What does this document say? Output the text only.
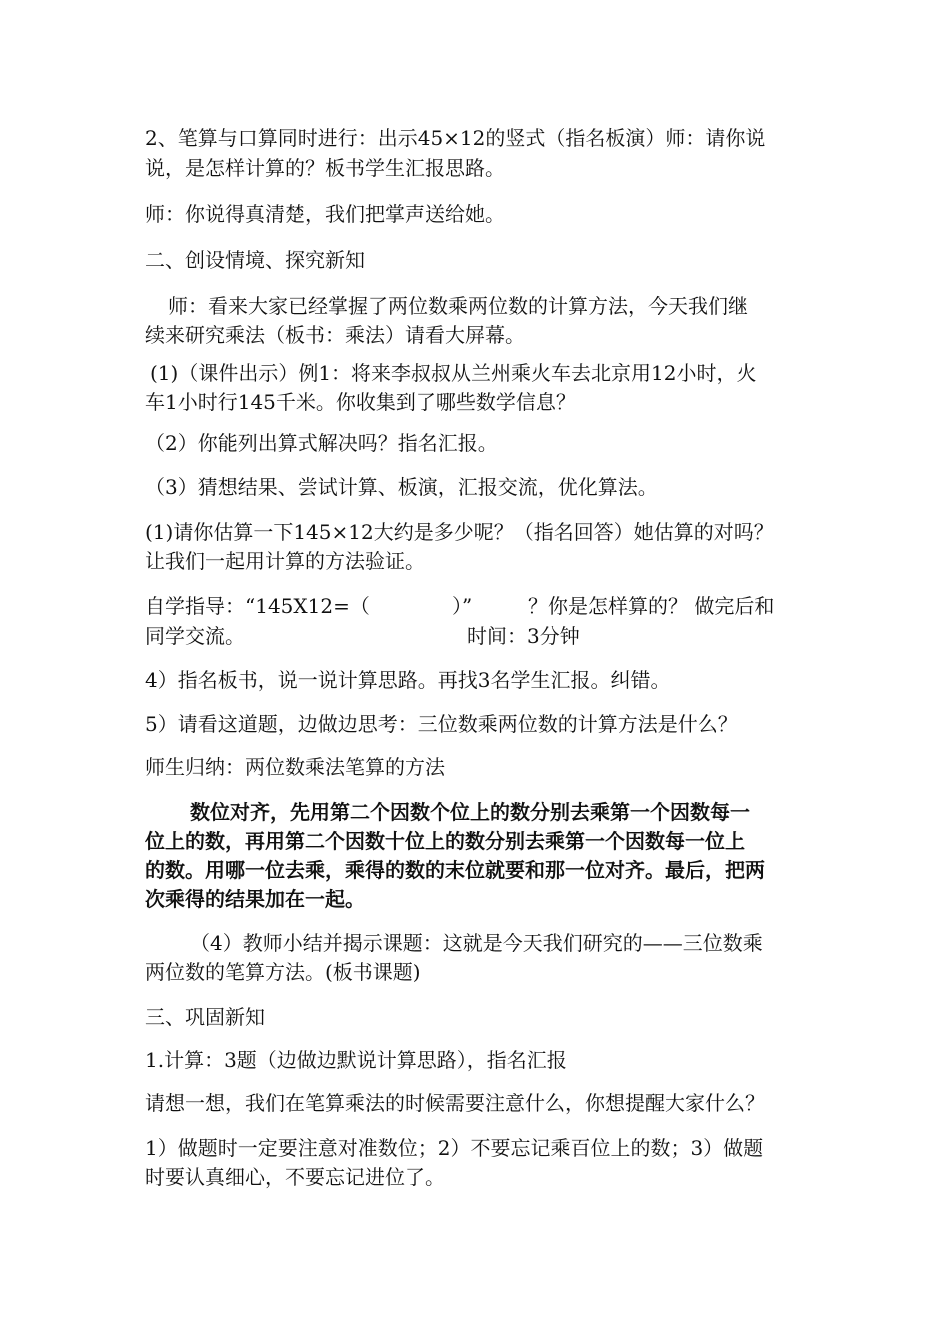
2、笔算与口算同时进行：出示45×12的竖式（指名板演）师：请你说
说，是怎样计算的？板书学生汇报思路。
师：你说得真清楚，我们把掌声送给她。
二、创设情境、探究新知
师：看来大家已经掌握了两位数乘两位数的计算方法，今天我们继
续来研究乘法（板书：乘法）请看大屏幕。
(1)（课件出示）例1：将来李叔叔从兰州乘火车去北京用12小时，火
车1小时行145千米。你收集到了哪些数学信息？
（2）你能列出算式解决吗？指名汇报。
（3）猜想结果、尝试计算、板演，汇报交流，优化算法。
(1)请你估算一下145×12大约是多少呢？（指名回答）她估算的对吗？
让我们一起用计算的方法验证。
自学指导：“145X12=（	）”	？你是怎样算的？ 做完后和
同学交流。	时间：3分钟
4）指名板书，说一说计算思路。再找3名学生汇报。纠错。
5）请看这道题，边做边思考：三位数乘两位数的计算方法是什么？
师生归纳：两位数乘法笔算的方法
数位对齐，先用第二个因数个位上的数分别去乘第一个因数每一
位上的数，再用第二个因数十位上的数分别去乘第一个因数每一位上
的数。用哪一位去乘，乘得的数的末位就要和那一位对齐。最后，把两
次乘得的结果加在一起。
（4）教师小结并揭示课题：这就是今天我们研究的——三位数乘
两位数的笔算方法。(板书课题)
三、巩固新知
1.计算：3题（边做边默说计算思路），指名汇报
请想一想，我们在笔算乘法的时候需要注意什么，你想提醒大家什么？
1）做题时一定要注意对准数位；2）不要忘记乘百位上的数；3）做题
时要认真细心，不要忘记进位了。
